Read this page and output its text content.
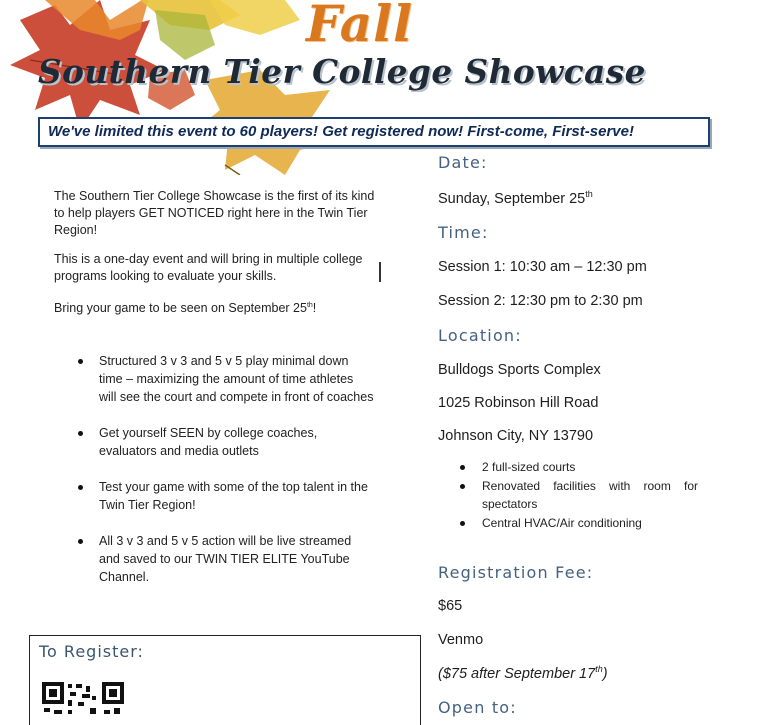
Fall
Southern Tier College Showcase
We've limited this event to 60 players! Get registered now! First-come, First-serve!

The Southern Tier College Showcase is the first of its kind to help players GET NOTICED right here in the Twin Tier Region!

This is a one-day event and will bring in multiple college programs looking to evaluate your skills.

Bring your game to be seen on September 25th!

Structured 3 v 3 and 5 v 5 play minimal down time – maximizing the amount of time athletes will see the court and compete in front of coaches
Get yourself SEEN by college coaches, evaluators and media outlets
Test your game with some of the top talent in the Twin Tier Region!
All 3 v 3 and 5 v 5 action will be live streamed and saved to our TWIN TIER ELITE YouTube Channel.
To Register:
Date:
Sunday, September 25th
Time:
Session 1: 10:30 am – 12:30 pm
Session 2: 12:30 pm to 2:30 pm
Location:
Bulldogs Sports Complex
1025 Robinson Hill Road
Johnson City, NY 13790
2 full-sized courts
Renovated facilities with room for spectators
Central HVAC/Air conditioning
Registration Fee:
$65
Venmo
($75 after September 17th)
Open to:
